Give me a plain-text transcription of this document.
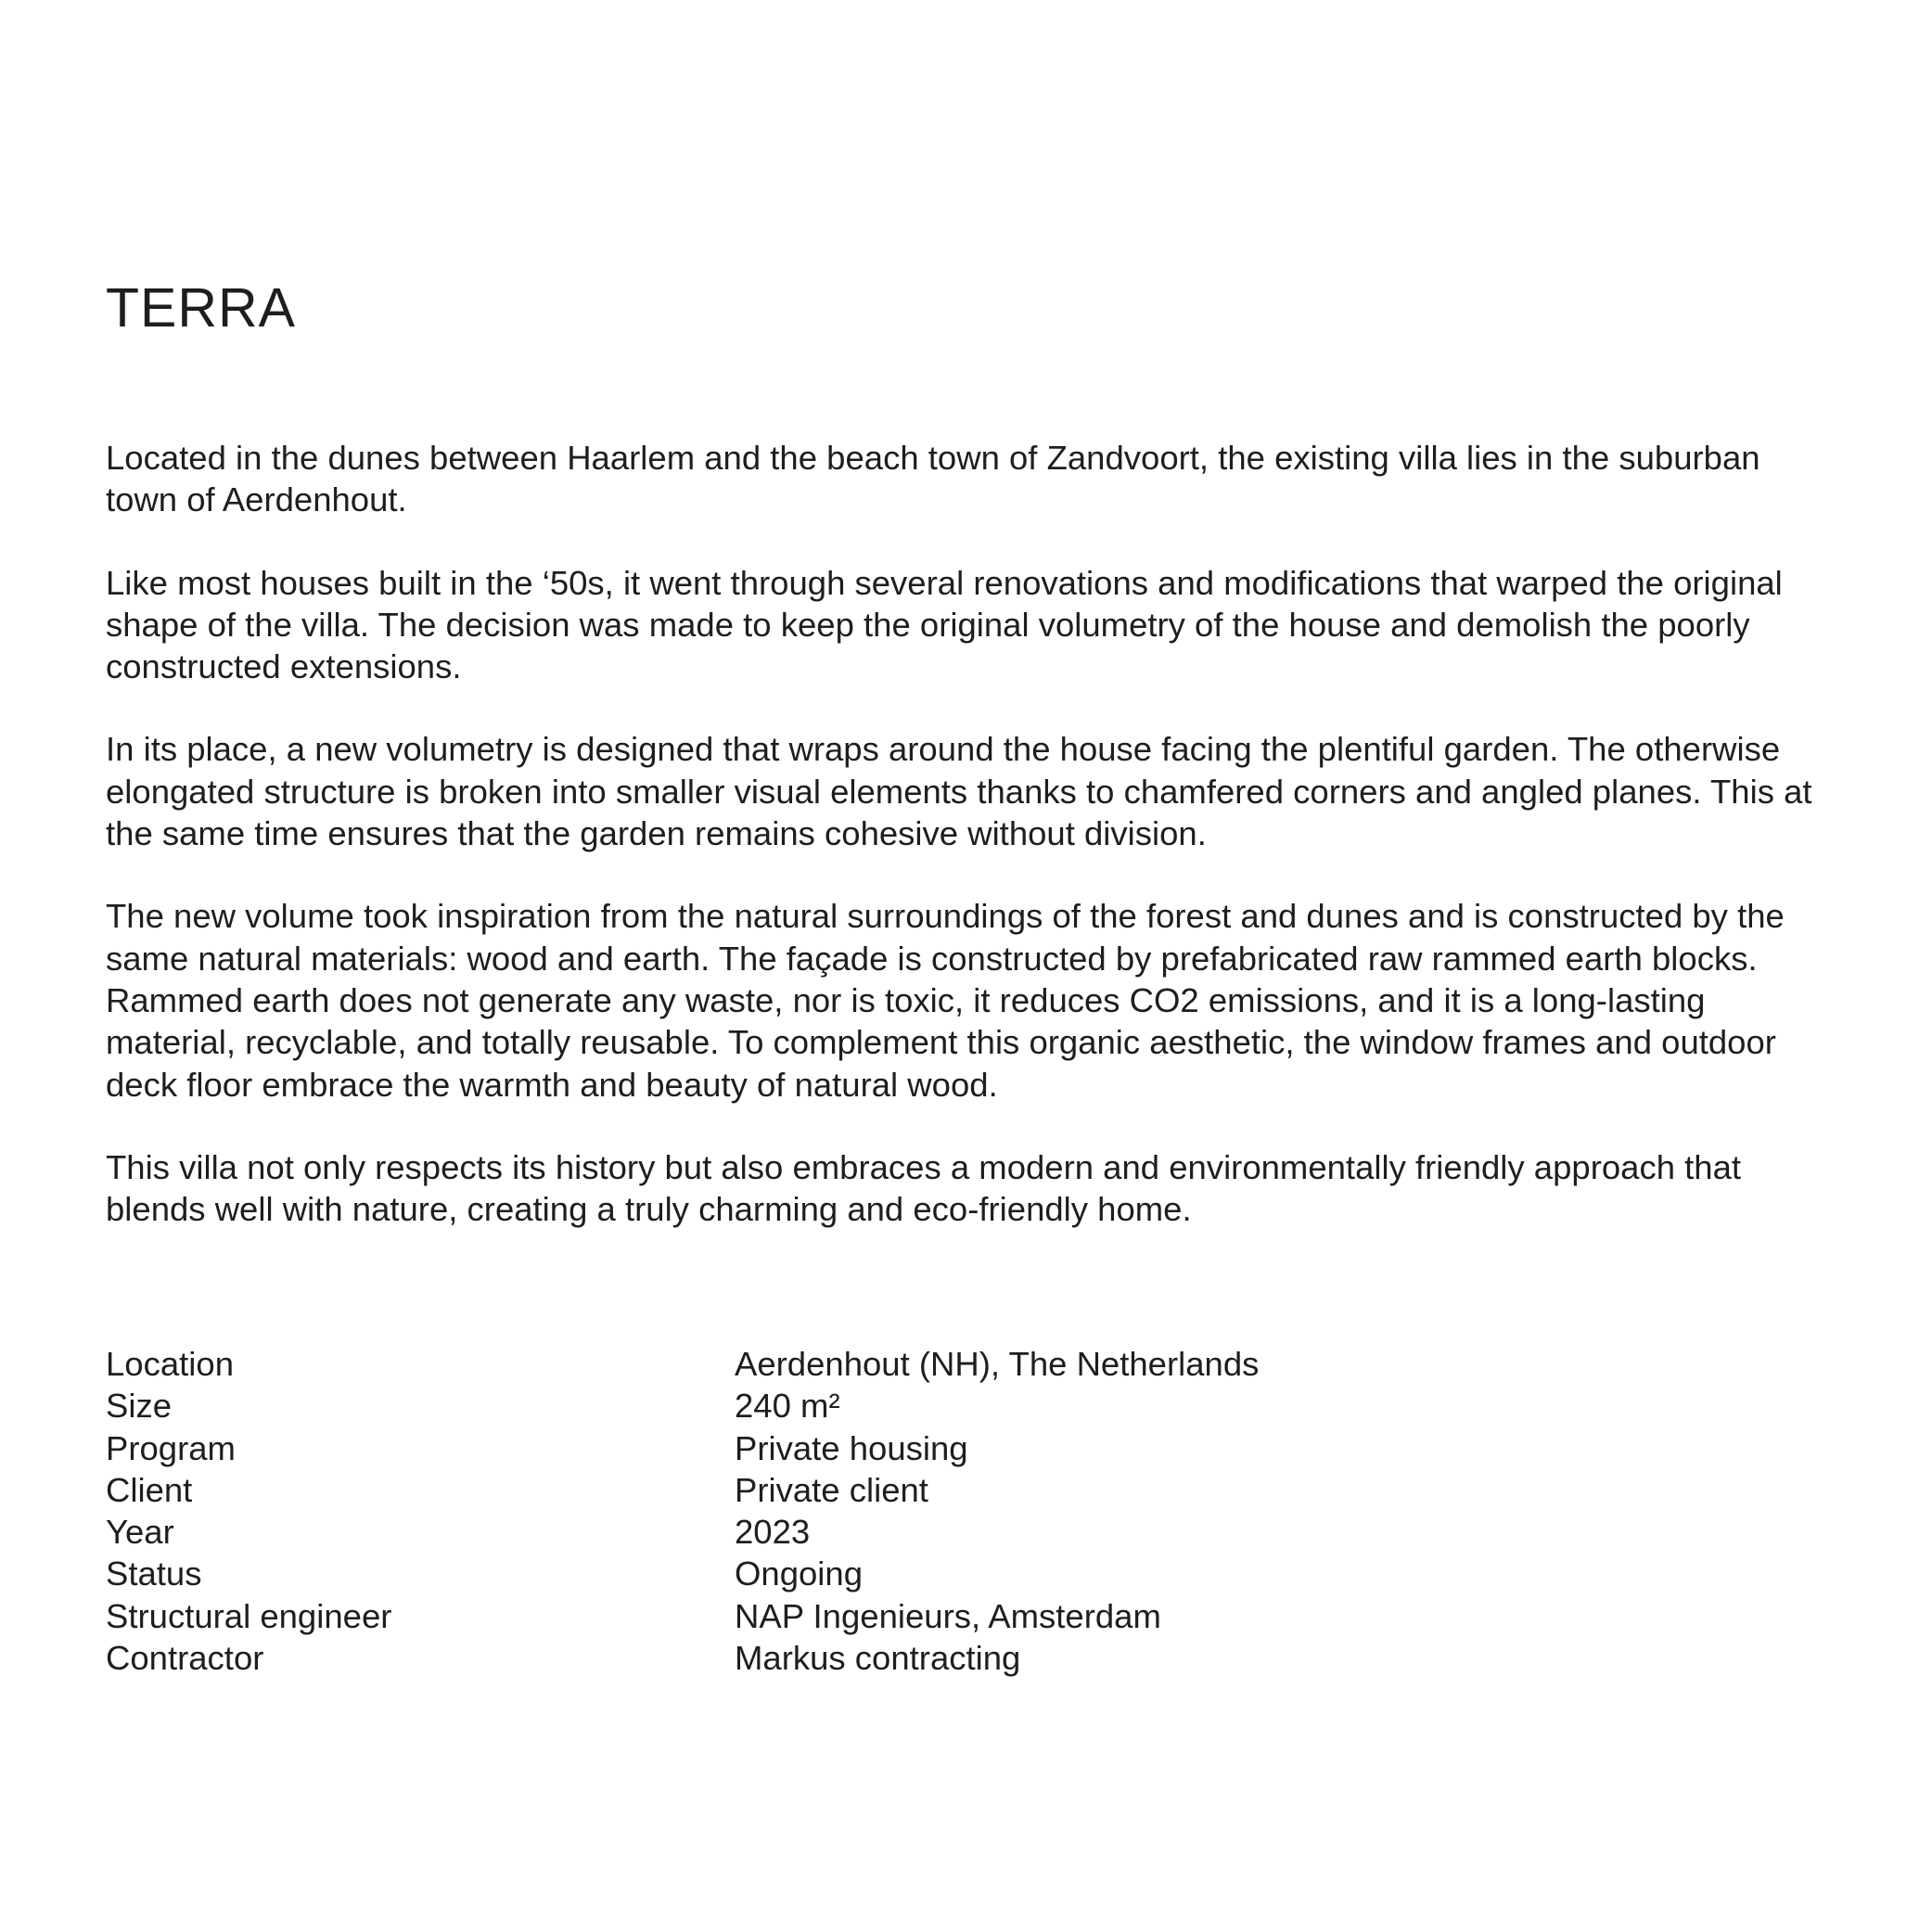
TERRA

Located in the dunes between Haarlem and the beach town of Zandvoort, the existing villa lies in the suburban town of Aerdenhout.

Like most houses built in the ‘50s, it went through several renovations and modifications that warped the original shape of the villa. The decision was made to keep the original volumetry of the house and demolish the poorly constructed extensions.

In its place, a new volumetry is designed that wraps around the house facing the plentiful garden. The otherwise elongated structure is broken into smaller visual elements thanks to chamfered corners and angled planes. This at the same time ensures that the garden remains cohesive without division.

The new volume took inspiration from the natural surroundings of the forest and dunes and is constructed by the same natural materials: wood and earth. The façade is constructed by prefabricated raw rammed earth blocks. Rammed earth does not generate any waste, nor is toxic, it reduces CO2 emissions, and it is a long-lasting material, recyclable, and totally reusable. To complement this organic aesthetic, the window frames and outdoor deck floor embrace the warmth and beauty of natural wood.

This villa not only respects its history but also embraces a modern and environmentally friendly approach that blends well with nature, creating a truly charming and eco-friendly home.

Location	Aerdenhout (NH), The Netherlands
Size	240 m²
Program	Private housing
Client	Private client
Year	2023
Status	Ongoing
Structural engineer	NAP Ingenieurs, Amsterdam
Contractor	Markus contracting
